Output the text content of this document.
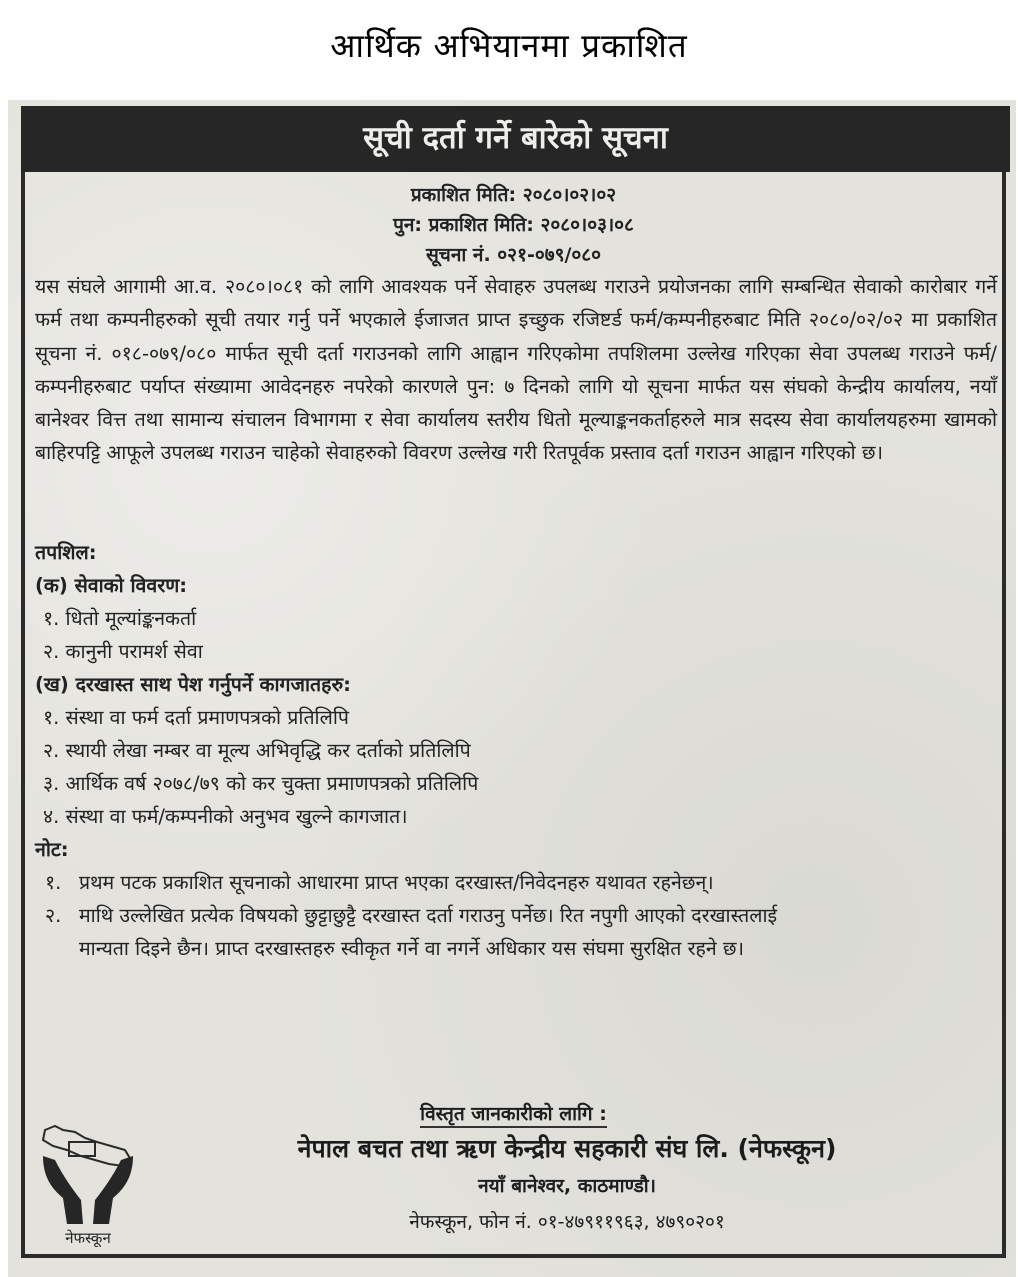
आर्थिक अभियानमा प्रकाशित
सूची दर्ता गर्ने बारेको सूचना
प्रकाशित मिति: २०८०।०२।०२
पुन: प्रकाशित मिति: २०८०।०३।०८
सूचना नं. ०२१-०७९/०८०
यस संघले आगामी आ.व. २०८०।०८१ को लागि आवश्यक पर्ने सेवाहरु उपलब्ध गराउने प्रयोजनका लागि सम्बन्धित सेवाको कारोबार गर्ने फर्म तथा कम्पनीहरुको सूची तयार गर्नु पर्ने भएकाले ईजाजत प्राप्त इच्छुक रजिष्टर्ड फर्म/कम्पनीहरुबाट मिति २०८०/०२/०२ मा प्रकाशित सूचना नं. ०१८-०७९/०८० मार्फत सूची दर्ता गराउनको लागि आह्वान गरिएकोमा तपशिलमा उल्लेख गरिएका सेवा उपलब्ध गराउने फर्म/कम्पनीहरुबाट पर्याप्त संख्यामा आवेदनहरु नपरेको कारणले पुन: ७ दिनको लागि यो सूचना मार्फत यस संघको केन्द्रीय कार्यालय, नयाँ बानेश्वर वित्त तथा सामान्य संचालन विभागमा र सेवा कार्यालय स्तरीय धितो मूल्याङ्कनकर्ताहरुले मात्र सदस्य सेवा कार्यालयहरुमा खामको बाहिरपट्टि आफूले उपलब्ध गराउन चाहेको सेवाहरुको विवरण उल्लेख गरी रितपूर्वक प्रस्ताव दर्ता गराउन आह्वान गरिएको छ।
तपशिल:
(क) सेवाको विवरण:
१. धितो मूल्यांङ्कनकर्ता
२. कानुनी परामर्श सेवा
(ख) दरखास्त साथ पेश गर्नुपर्ने कागजातहरु:
१. संस्था वा फर्म दर्ता प्रमाणपत्रको प्रतिलिपि
२. स्थायी लेखा नम्बर वा मूल्य अभिवृद्धि कर दर्ताको प्रतिलिपि
३. आर्थिक वर्ष २०७८/७९ को कर चुक्ता प्रमाणपत्रको प्रतिलिपि
४. संस्था वा फर्म/कम्पनीको अनुभव खुल्ने कागजात।
नोट:
१. प्रथम पटक प्रकाशित सूचनाको आधारमा प्राप्त भएका दरखास्त/निवेदनहरु यथावत रहनेछन्।
२. माथि उल्लेखित प्रत्येक विषयको छुट्टाछुट्टै दरखास्त दर्ता गराउनु पर्नेछ। रित नपुगी आएको दरखास्तलाई
मान्यता दिइने छैन। प्राप्त दरखास्तहरु स्वीकृत गर्ने वा नगर्ने अधिकार यस संघमा सुरक्षित रहने छ।
विस्तृत जानकारीको लागि :
नेफस्कून
नेपाल बचत तथा ऋण केन्द्रीय सहकारी संघ लि. (नेफस्कून)
नयाँ बानेश्वर, काठमाण्डौ।
नेफस्कून, फोन नं. ०१-४७९११९६३, ४७९०२०१
